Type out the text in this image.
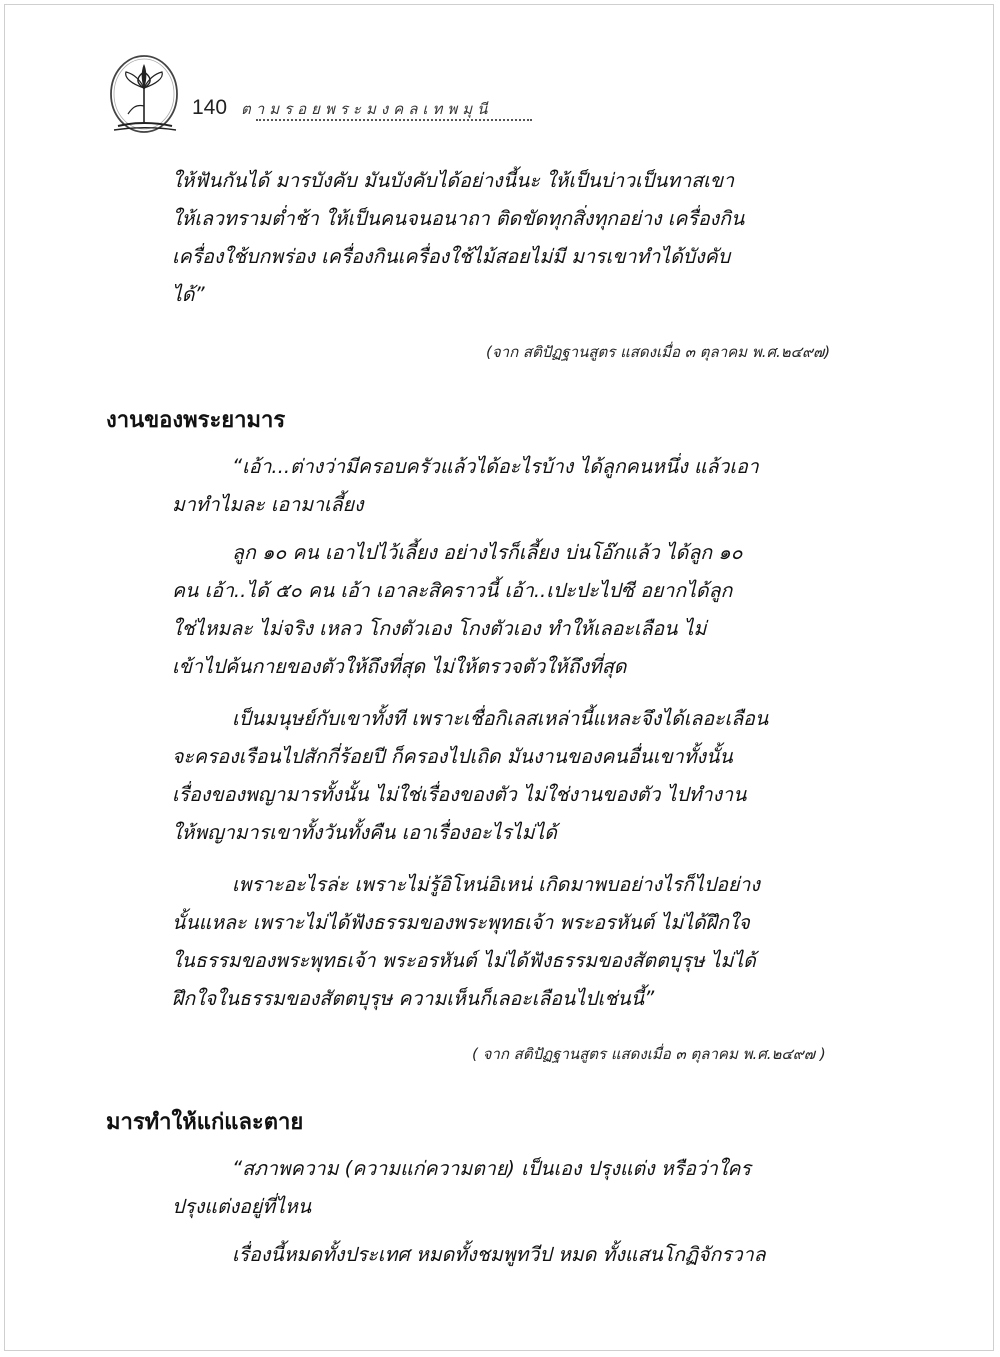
140 ตามรอยพระมงคลเทพมุนี
ให้ฟันกันได้ มารบังคับ มันบังคับได้อย่างนี้นะ ให้เป็นบ่าวเป็นทาสเขา
ให้เลวทรามต่ำช้า ให้เป็นคนจนอนาถา ติดขัดทุกสิ่งทุกอย่าง เครื่องกิน
เครื่องใช้บกพร่อง เครื่องกินเครื่องใช้ไม้สอยไม่มี มารเขาทำได้บังคับ
ได้”
(จาก สติปัฏฐานสูตร แสดงเมื่อ ๓ ตุลาคม พ.ศ.๒๔๙๗)
งานของพระยามาร
“เอ้า...ต่างว่ามีครอบครัวแล้วได้อะไรบ้าง ได้ลูกคนหนึ่ง แล้วเอา
มาทำไมละ เอามาเลี้ยง
ลูก ๑๐ คน เอาไปไว้เลี้ยง อย่างไรก็เลี้ยง บ่นโอ๊กแล้ว ได้ลูก ๑๐
คน เอ้า..ได้ ๕๐ คน เอ้า เอาละสิคราวนี้ เอ้า..เปะปะไปซี อยากได้ลูก
ใช่ไหมละ ไม่จริง เหลว โกงตัวเอง โกงตัวเอง ทำให้เลอะเลือน ไม่
เข้าไปค้นกายของตัวให้ถึงที่สุด ไม่ให้ตรวจตัวให้ถึงที่สุด
เป็นมนุษย์กับเขาทั้งที เพราะเชื่อกิเลสเหล่านี้แหละจึงได้เลอะเลือน
จะครองเรือนไปสักกี่ร้อยปี ก็ครองไปเถิด มันงานของคนอื่นเขาทั้งนั้น
เรื่องของพญามารทั้งนั้น ไม่ใช่เรื่องของตัว ไม่ใช่งานของตัว ไปทำงาน
ให้พญามารเขาทั้งวันทั้งคืน เอาเรื่องอะไรไม่ได้
เพราะอะไรล่ะ เพราะไม่รู้อิโหน่อิเหน่ เกิดมาพบอย่างไรก็ไปอย่าง
นั้นแหละ เพราะไม่ได้ฟังธรรมของพระพุทธเจ้า พระอรหันต์ ไม่ได้ฝึกใจ
ในธรรมของพระพุทธเจ้า พระอรหันต์ ไม่ได้ฟังธรรมของสัตตบุรุษ ไม่ได้
ฝึกใจในธรรมของสัตตบุรุษ ความเห็นก็เลอะเลือนไปเช่นนี้”
( จาก สติปัฏฐานสูตร แสดงเมื่อ ๓ ตุลาคม พ.ศ.๒๔๙๗ )
มารทำให้แก่และตาย
“สภาพความ (ความแก่ความตาย) เป็นเอง ปรุงแต่ง หรือว่าใคร
ปรุงแต่งอยู่ที่ไหน
เรื่องนี้หมดทั้งประเทศ หมดทั้งชมพูทวีป หมด ทั้งแสนโกฏิจักรวาล
